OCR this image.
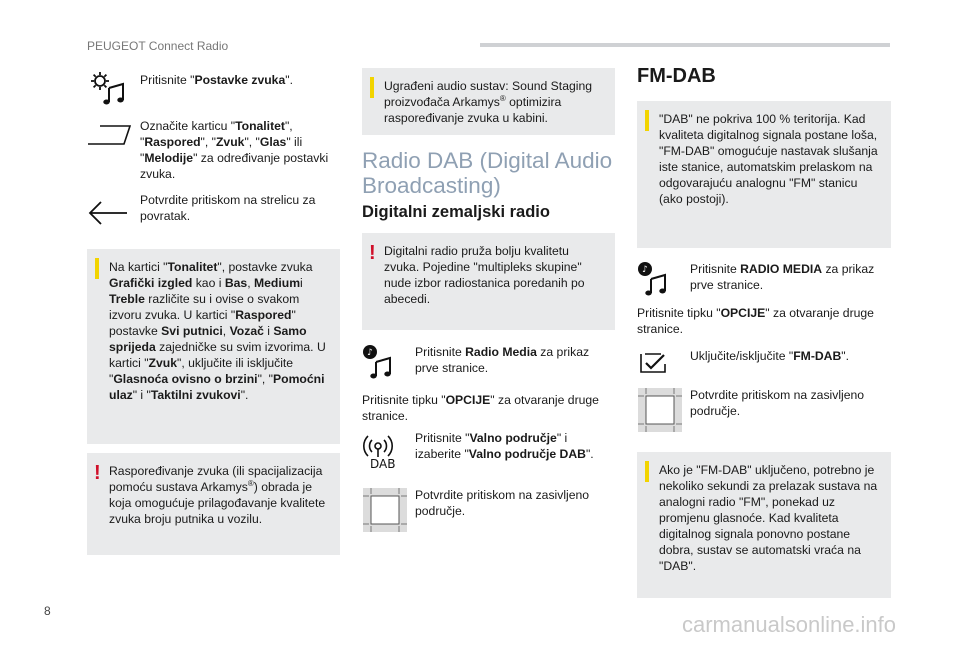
PEUGEOT Connect Radio
8
carmanualsonline.info
Pritisnite "Postavke zvuka".
Označite karticu "Tonalitet", "Raspored", "Zvuk", "Glas" ili "Melodije" za određivanje postavki zvuka.
Potvrdite pritiskom na strelicu za povratak.
Na kartici "Tonalitet", postavke zvuka Grafički izgled kao i Bas, Mediumi Treble različite su i ovise o svakom izvoru zvuka. U kartici "Raspored" postavke Svi putnici, Vozač i Samo sprijeda zajedničke su svim izvorima. U kartici "Zvuk", uključite ili isključite "Glasnoća ovisno o brzini", "Pomoćni ulaz" i "Taktilni zvukovi".
! Raspoređivanje zvuka (ili spacijalizacija pomoću sustava Arkamys®) obrada je koja omogućuje prilagođavanje kvalitete zvuka broju putnika u vozilu.
Ugrađeni audio sustav: Sound Staging proizvođača Arkamys® optimizira raspoređivanje zvuka u kabini.
Radio DAB (Digital Audio
Broadcasting)
Digitalni zemaljski radio
! Digitalni radio pruža bolju kvalitetu zvuka. Pojedine "multipleks skupine" nude izbor radiostanica poredanih po abecedi.
♪	Pritisnite Radio Media za prikaz prve stranice.
Pritisnite tipku "OPCIJE" za otvaranje druge stranice.
DAB
Pritisnite "Valno područje" i izaberite "Valno područje DAB".
Potvrdite pritiskom na zasivljeno područje.
FM-DAB
"DAB" ne pokriva 100 % teritorija. Kad kvaliteta digitalnog signala postane loša, "FM-DAB" omogućuje nastavak slušanja iste stanice, automatskim prelaskom na odgovarajuću analognu "FM" stanicu (ako postoji).
♪	Pritisnite RADIO MEDIA za prikaz prve stranice.
Pritisnite tipku "OPCIJE" za otvaranje druge stranice.
Uključite/isključite "FM-DAB".
Potvrdite pritiskom na zasivljeno područje.
Ako je "FM-DAB" uključeno, potrebno je nekoliko sekundi za prelazak sustava na analogni radio "FM", ponekad uz promjenu glasnoće. Kad kvaliteta digitalnog signala ponovno postane dobra, sustav se automatski vraća na "DAB".
